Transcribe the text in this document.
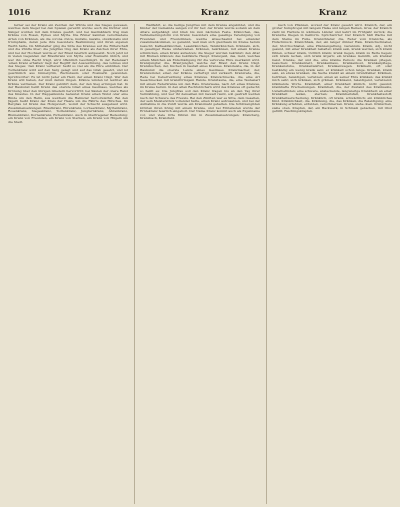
1016	Kranz	Kranz	Kranz

ferner sei der Kranz ein Zeichen der Würde und des Sieges gewesen, welches dem Sieger bei den Spielen gereicht wurde; auch die Dichter und Sänger wurden mit dem Kranze geehrt, und bei Gastmählern trug man Kränze von Rosen, Epheu und Myrte. Die Römer kannten verschiedene Arten von Kränzen, als die corona civica, muralis, navalis, obsidionalis und triumphalis, deren jede ihre besondere Bestimmung und ihren eigenen Werth hatte. Im Mittelalter ging die Sitte des Kranzes auf die Ritterschaft und die Zünfte über; die Jungfrau trug den Kranz als Zeichen ihrer Ehre, und bei der Hochzeit wurde er der Braut feierlich aufgesetzt. Noch jetzt ist in vielen Gegenden der Brautkranz von Myrte oder Rosmarin üblich, und wer ihn ohne Recht trägt, wird öffentlich beschimpft. In der Redensart 'einen Kranz erhalten' liegt der Begriff der Auszeichnung, des Lohnes und des Sieges; 'den Kranz verlieren' heißt so viel als die Ehre einbüßen. Der Todtenkranz wird auf den Sarg gelegt und auf das Grab gesetzt, und ist gewöhnlich aus Immergrün, Buchsbaum oder Rosmarin gewunden. Sprichwörter: Es ist nicht Jeder ein Held, der einen Kranz trägt. Wer den Kranz will haben, der muß darum ringen. Kränze winden ist leichter als Kränze verdienen. Der Kranz gebührt dem, der den Sieg errungen hat. In der Baukunst heißt Kranz das oberste Glied eines Gesimses, welches als Krönung über den übrigen Gliedern hervortritt; bei Säulen der obere Rand des Knaufes. In der Wappenkunde bedeutet Kranz einen Wulst oder eine Binde um den Helm, aus welchem die Helmzier hervorwächst. Bei den Jägern heißt Kranz der Kreis der Haare um die Fährte des Hirsches. Im Bergbau ist Kranz das Holzgeviert, womit der Schacht ausgebaut wird. Zusammensetzungen: Brautkranz, Ehrenkranz, Lorbeerkranz, Myrtenkranz, Rosenkranz, Siegeskranz, Todtenkranz, Jungfernkranz, Ährenkranz, Blumenkranz, Dornenkranz, Eichenkranz. Auch in übertragener Bedeutung: ein Kranz von Freunden, ein Kranz von Sternen, ein Kranz von Hügeln um die Stadt.

Wallfahrt, so die heilige Jungfrau mit dem Kranze abgebildet, und die Kinder der Gemeinde sangen vor ihr her; der Kranz wurde sodann an dem Altare aufgehängt und blieb bis zum nächsten Feste. Kränzchen, das, Verkleinerungsform von Kranz; besonders eine gesellige Vereinigung von Freunden und Freundinnen, welche abwechselnd bei einander zusammenkommen, so genannt, weil man sich gleichsam im Kreise herum besucht; Kaffeekränzchen, Lesekränzchen, Tanzkränzchen. Kränzeln, sich, in geselliger Weise umherziehen. Kränzen, bekränzen, mit einem Kranze schmücken, einen Kranz aufsetzen; die Sieger wurden bekränzt; den Altar mit Blumen kränzen; das bekränzte Haupt. Kranzgeld, das, Geld, welches einem Mädchen als Entschädigung für die verlorene Ehre zuerkannt wird. Kranzjungfer, die, Brautjungfer, welche der Braut den Kranz trägt. Kranzkuchen, der, Kuchen in Gestalt eines Kranzes. Kranzleiste, die, in der Baukunst die oberste Leiste eines Gesimses. Kranzmacher, der, Kranzwinder, einer, der Kränze verfertigt und verkauft. Kranzrede, die, Rede bei Ueberreichung eines Kranzes. Kranzschnecke, die, eine Art Seeschnecken mit kranzförmigem Rande. Kranztaube, die, eine Taubenart mit einem Federkranze um den Hals. Kranzweise, nach Art eines Kranzes, im Kreise herum. In den alten Rechtsbüchern wird des Kranzes oft gedacht; so heißt es: Die Jungfrau soll den Kranz tragen bis an den Tag ihrer Vermählung, und wer ihr denselben mit Gewalt raubt, soll gestraft werden nach der Schwere des Frevels. Bei den Zünften war es Sitte, dem Gesellen, der sein Meisterstück vollendet hatte, einen Kranz aufzusetzen, und bei der Aufnahme in die Zunft wurde ein Kranzmahl gehalten. Die Schützengilden krönten ihren König mit einem Kranze, und bei Erntefesten wurde der Erntekranz feierlich eingeholt. Der Name Kranz kommt auch als Eigenname vor, und viele Orte führen ihn in Zusammensetzungen; Kranzberg, Kranzbach, Kranzfeld.

nach von Pflanzen, worauf der Kranz gesetzt wird. Kranich, der, ein großer Sumpfvogel mit langem Halse und langen Beinen, Grus; der Kranich zieht im Herbste in wärmere Länder und kehrt im Frühjahr zurück; die Kraniche fliegen in Keilform. Sprichwörter: Der Kranich hält Wache mit dem Steine im Fuße. Kranichfeder, die, Feder vom Kraniche, als Hutschmuck. Kranichhals, der, ein langer dünner Hals. Kranichschnabel, der, Storchschnabel, eine Pflanzengattung, Geranium. Krank, Adj., nicht gesund, mit einer Krankheit behaftet; krank sein, krank werden, sich krank fühlen, schwer krank, tödtlich krank; krank liegen, krank zu Bette liegen; sich krank lachen, sich krank ärgern; ein krankes Gemüth, ein kranker Geist. Kranke, der und die, eine kranke Person; die Kranken pflegen, besuchen; Krankenbett, Krankenhaus, Krankenkost, Krankenpflege, Krankenstube, Krankenwärter, Krankenwagen. Kränkeln, oft oder beständig ein wenig krank sein; er kränkelt schon lange. Kranken, krank sein, an etwas kranken; die Sache krankt an einem Grundfehler. Kränken, betrüben, beleidigen, verletzen; einen an seiner Ehre kränken; das kränkt mich sehr; sich kränken, sich grämen. Kränkend, beleidigend, verletzend; kränkende Worte. Krankhaft, einer Krankheit ähnlich, nicht gesund; krankhafte Erscheinungen. Krankheit, die, der Zustand des Krankseins, Uebelbefinden; eine schwere, ansteckende, langwierige Krankheit; an einer Krankheit leiden, sterben; Krankheitsfall, Krankheitsstoff, Krankheitserscheinung. Kränklich, oft krank, schwächlich; ein kränkliches Kind. Kränklichkeit, die. Kränkung, die, das Kränken, die Beleidigung; eine Kränkung erfahren, erdulden, verschmerzen. Kranz, siehe oben. Kränzchen, siehe oben. Krapfen, der, ein Backwerk, in Schmalz gebacken, mit Obst gefüllt; Faschingskrapfen.
